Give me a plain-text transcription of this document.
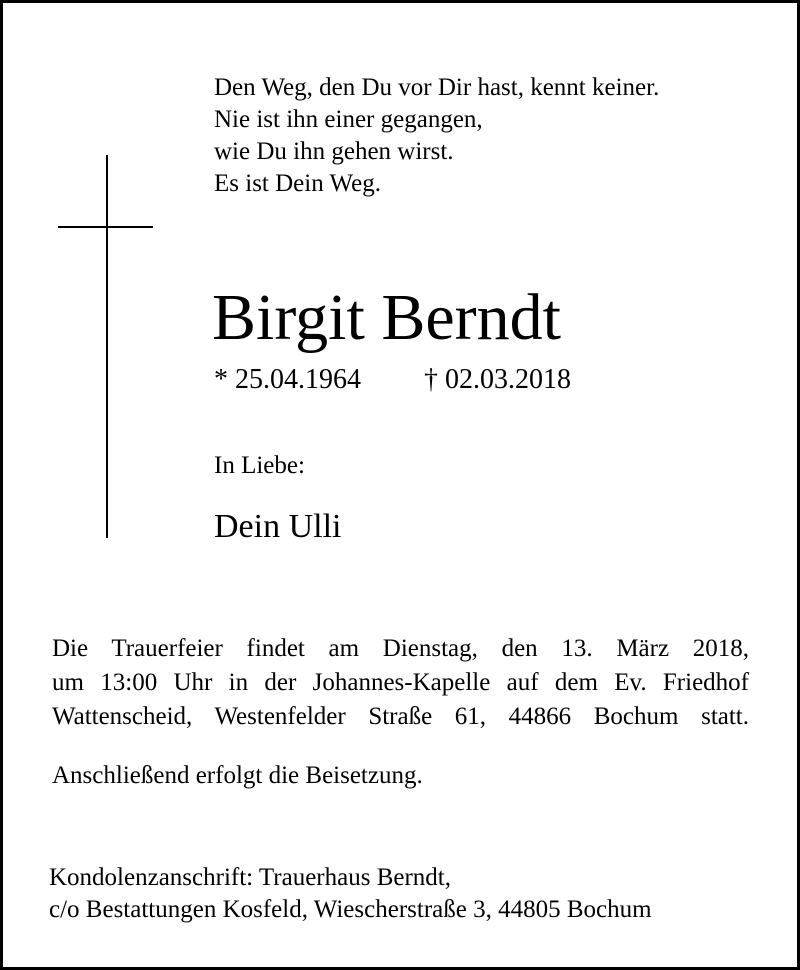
Den Weg, den Du vor Dir hast, kennt keiner.
Nie ist ihn einer gegangen,
wie Du ihn gehen wirst.
Es ist Dein Weg.
Birgit Berndt
* 25.04.1964 † 02.03.2018
In Liebe:
Dein Ulli
Die Trauerfeier findet am Dienstag, den 13. März 2018,
um 13:00 Uhr in der Johannes-Kapelle auf dem Ev. Friedhof
Wattenscheid, Westenfelder Straße 61, 44866 Bochum statt.
Anschließend erfolgt die Beisetzung.
Kondolenzanschrift: Trauerhaus Berndt,
c/o Bestattungen Kosfeld, Wiescherstraße 3, 44805 Bochum
